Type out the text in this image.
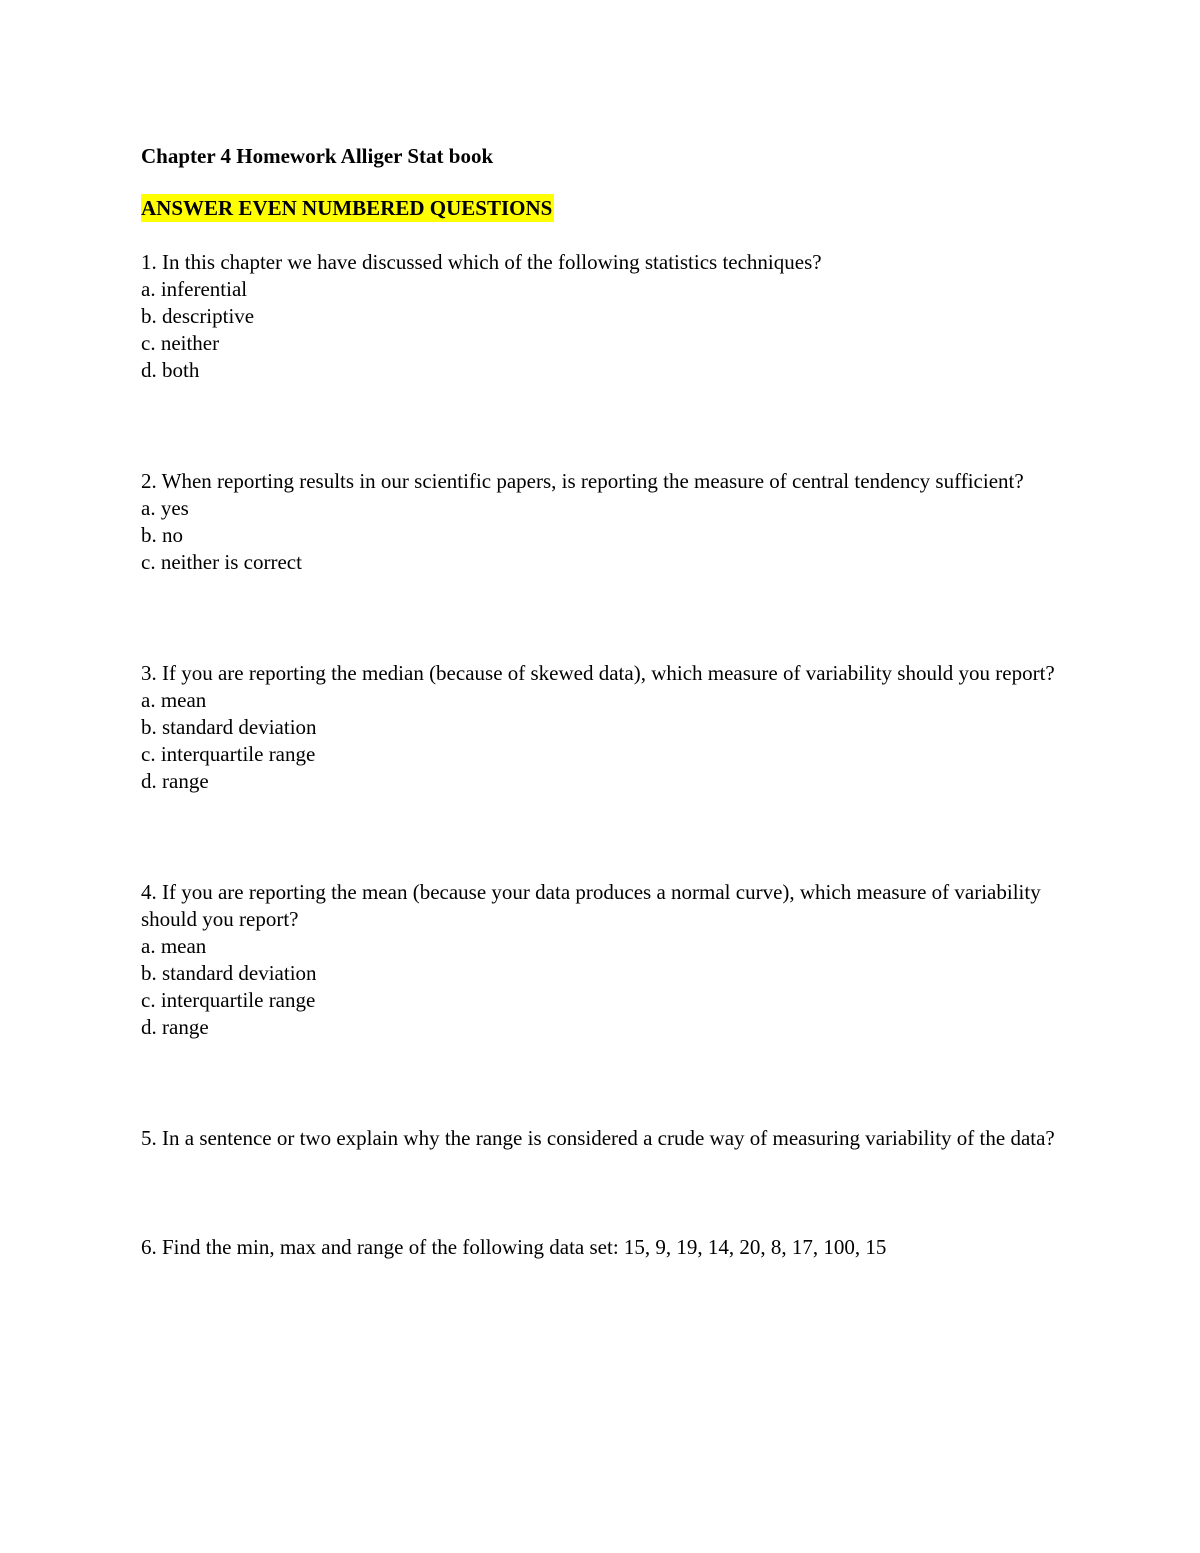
Chapter 4 Homework Alliger Stat book
ANSWER EVEN NUMBERED QUESTIONS
1. In this chapter we have discussed which of the following statistics techniques?
a. inferential
b. descriptive
c. neither
d. both
2. When reporting results in our scientific papers, is reporting the measure of central tendency sufficient?
a. yes
b. no
c. neither is correct
3. If you are reporting the median (because of skewed data), which measure of variability should you report?
a. mean
b. standard deviation
c. interquartile range
d. range
4. If you are reporting the mean (because your data produces a normal curve), which measure of variability should you report?
a. mean
b. standard deviation
c. interquartile range
d. range
5. In a sentence or two explain why the range is considered a crude way of measuring variability of the data?
6. Find the min, max and range of the following data set: 15, 9, 19, 14, 20, 8, 17, 100, 15
